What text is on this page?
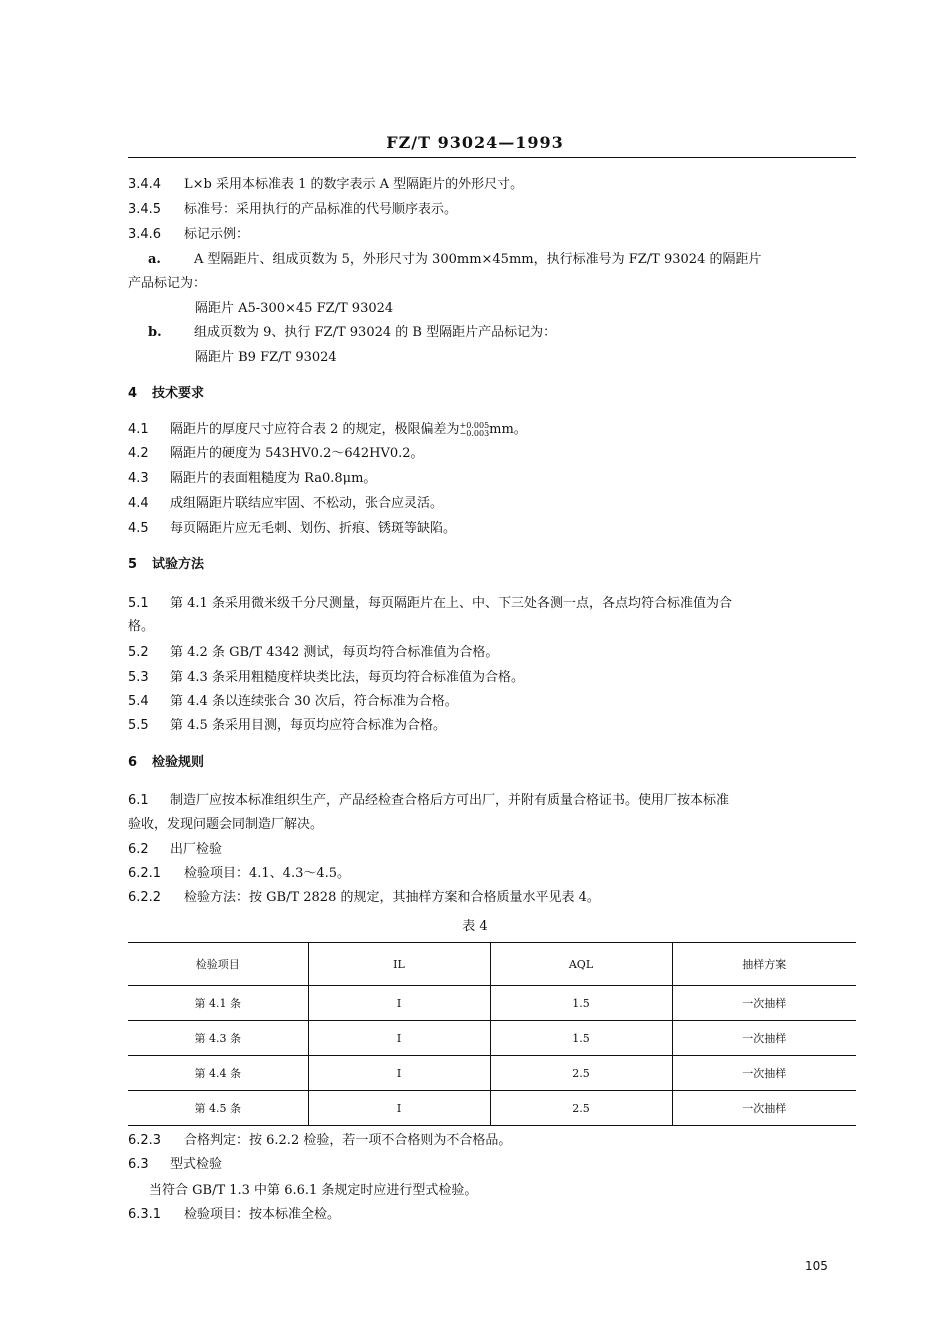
FZ/T 93024—1993
3.4.4 L×b 采用本标准表 1 的数字表示 A 型隔距片的外形尺寸。
3.4.5 标准号：采用执行的产品标准的代号顺序表示。
3.4.6 标记示例：
a.	A 型隔距片、组成页数为 5，外形尺寸为 300mm×45mm，执行标准号为 FZ/T 93024 的隔距片
产品标记为：
隔距片 A5-300×45 FZ/T 93024
b. 组成页数为 9、执行 FZ/T 93024 的 B 型隔距片产品标记为：
隔距片 B9 FZ/T 93024
4 技术要求
4.1 隔距片的厚度尺寸应符合表 2 的规定，极限偏差为 +0.005
−0.003 mm。
4.2 隔距片的硬度为 543HV0.2～642HV0.2。
4.3 隔距片的表面粗糙度为 Ra0.8μm。
4.4 成组隔距片联结应牢固、不松动，张合应灵活。
4.5 每页隔距片应无毛刺、划伤、折痕、锈斑等缺陷。
5 试验方法
5.1 第 4.1 条采用微米级千分尺测量，每页隔距片在上、中、下三处各测一点，各点均符合标准值为合
格。
5.2 第 4.2 条 GB/T 4342 测试，每页均符合标准值为合格。
5.3 第 4.3 条采用粗糙度样块类比法，每页均符合标准值为合格。
5.4 第 4.4 条以连续张合 30 次后，符合标准为合格。
5.5 第 4.5 条采用目测，每页均应符合标准为合格。
6 检验规则
6.1 制造厂应按本标准组织生产，产品经检查合格后方可出厂，并附有质量合格证书。使用厂按本标准
验收，发现问题会同制造厂解决。
6.2 出厂检验
6.2.1 检验项目：4.1、4.3～4.5。
6.2.2 检验方法：按 GB/T 2828 的规定，其抽样方案和合格质量水平见表 4。
表 4
检验项目	IL	AQL	抽样方案
第 4.1 条	I	1.5	一次抽样
第 4.3 条	I	1.5	一次抽样
第 4.4 条	I	2.5	一次抽样
第 4.5 条	I	2.5	一次抽样
6.2.3 合格判定：按 6.2.2 检验，若一项不合格则为不合格品。
6.3 型式检验
当符合 GB/T 1.3 中第 6.6.1 条规定时应进行型式检验。
6.3.1 检验项目：按本标准全检。
105
